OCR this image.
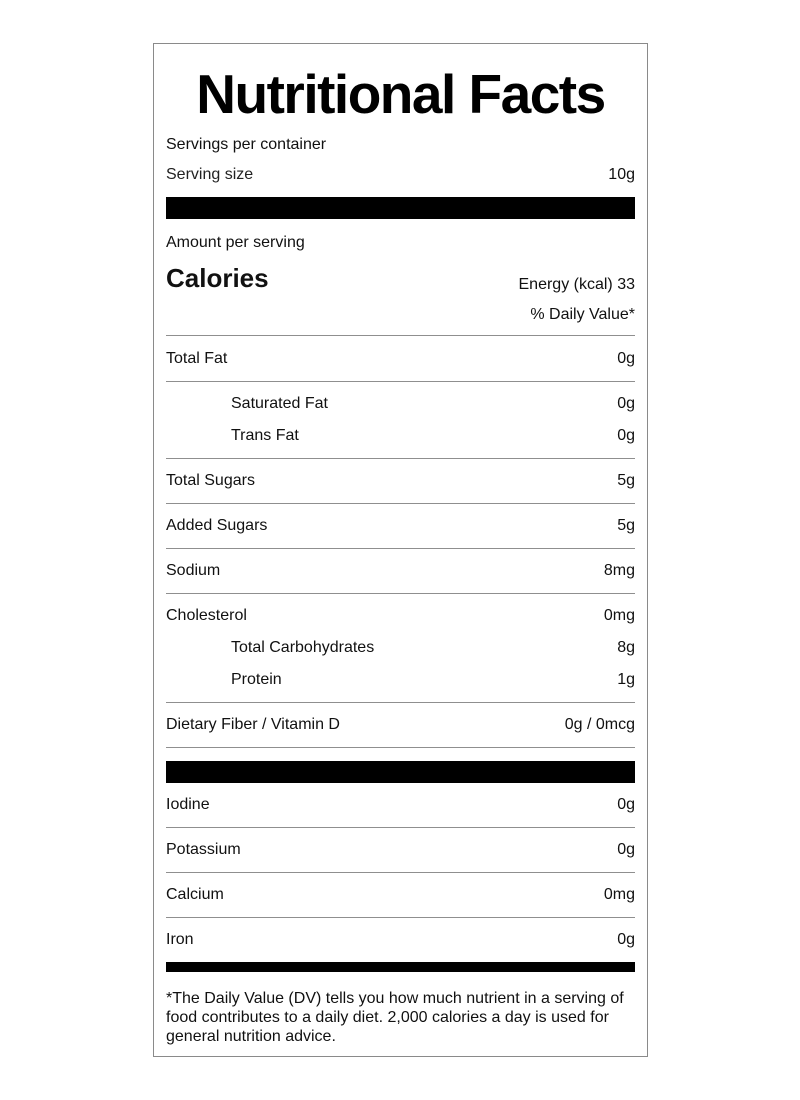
Nutritional Facts
Servings per container
Serving size	10g
Amount per serving
Calories	Energy (kcal) 33
% Daily Value*
Total Fat	0g
Saturated Fat	0g
Trans Fat	0g
Total Sugars	5g
Added Sugars	5g
Sodium	8mg
Cholesterol	0mg
Total Carbohydrates	8g
Protein	1g
Dietary Fiber / Vitamin D	0g / 0mcg
Iodine	0g
Potassium	0g
Calcium	0mg
Iron	0g
*The Daily Value (DV) tells you how much nutrient in a serving of food contributes to a daily diet. 2,000 calories a day is used for general nutrition advice.
